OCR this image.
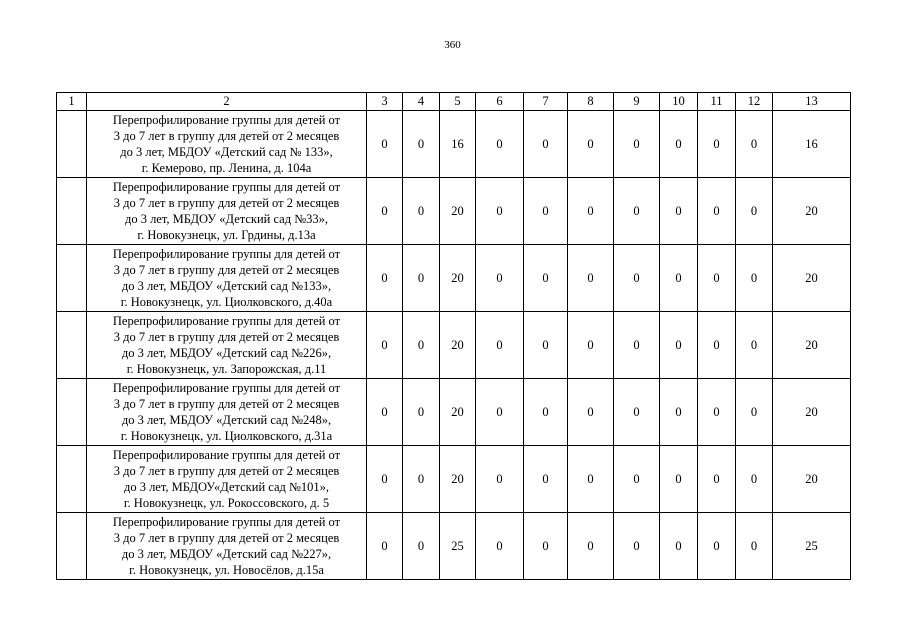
360
1	2	3	4	5	6	7	8	9	10	11	12	13

	Перепрофилирование группы для детей от
3 до 7 лет в группу для детей от 2 месяцев
до 3 лет, МБДОУ «Детский сад № 133»,
г. Кемерово, пр. Ленина, д. 104а	0	0	16	0	0	0	0	0	0	0	16

	Перепрофилирование группы для детей от
3 до 7 лет в группу для детей от 2 месяцев
до 3 лет, МБДОУ «Детский сад №33»,
г. Новокузнецк, ул. Грдины, д.13а	0	0	20	0	0	0	0	0	0	0	20

	Перепрофилирование группы для детей от
3 до 7 лет в группу для детей от 2 месяцев
до 3 лет, МБДОУ «Детский сад №133»,
г. Новокузнецк, ул. Циолковского, д.40а	0	0	20	0	0	0	0	0	0	0	20

	Перепрофилирование группы для детей от
3 до 7 лет в группу для детей от 2 месяцев
до 3 лет, МБДОУ «Детский сад №226»,
г. Новокузнецк, ул. Запорожская, д.11	0	0	20	0	0	0	0	0	0	0	20

	Перепрофилирование группы для детей от
3 до 7 лет в группу для детей от 2 месяцев
до 3 лет, МБДОУ «Детский сад №248»,
г. Новокузнецк, ул. Циолковского, д.31а	0	0	20	0	0	0	0	0	0	0	20

	Перепрофилирование группы для детей от
3 до 7 лет в группу для детей от 2 месяцев
до 3 лет, МБДОУ«Детский сад №101»,
г. Новокузнецк, ул. Рокоссовского, д. 5	0	0	20	0	0	0	0	0	0	0	20

	Перепрофилирование группы для детей от
3 до 7 лет в группу для детей от 2 месяцев
до 3 лет, МБДОУ «Детский сад №227»,
г. Новокузнецк, ул. Новосёлов, д.15а	0	0	25	0	0	0	0	0	0	0	25
